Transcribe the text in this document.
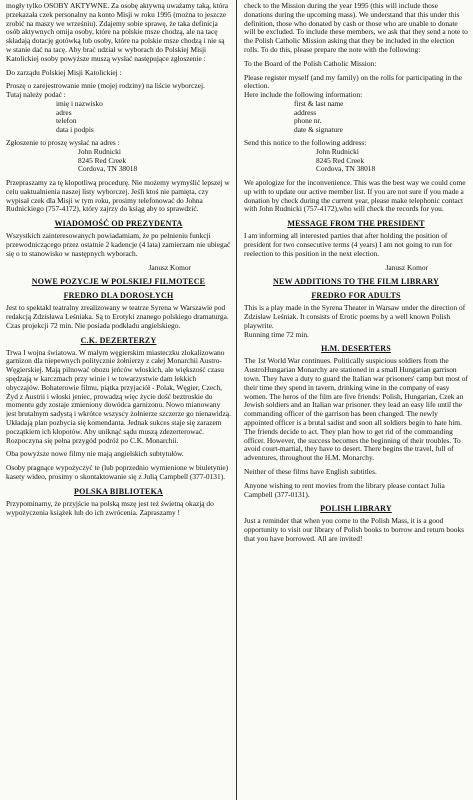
mogły tylko OSOBY AKTYWNE. Za osobę aktywną uważamy taką, która przekazała czek personalny na konto Misji w roku 1995 (można to jeszcze zrobić na maszy we wrześniu). Zdajemy sobie sprawę, że taka definicja osób aktywnych omija osoby, które na polskie msze chodzą, ale na tacę składają dotację gotówką lub osoby, które na polskie msze chodzą i nie są w stanie dać na tacę. Aby brać udział w wyborach do Polskiej Misji Katolickiej osoby powyższe muszą wysłać następujące zgłoszenie :

Do zarządu Polskiej Misji Katolickiej :

Proszę o zarejestrowanie mnie (mojej rodziny) na liście wyborczej.

Tutaj należy podać :

imię i nazwisko
adres
telefon
data i podpis

Zgłoszenie to proszę wysłać na adres :

John Rudnicki
8245 Red Creek
Cordova, TN 38018

Przepraszamy za tę kłopotliwą procedurę. Nie możemy wymyślić lepszej w celu uaktualnienia naszej listy wyborczej. Jeśli ktoś nie pamięta, czy wypisał czek dla Misji w tym roku, prosimy telefonować do Johna Rudnickiego (757-4172), który zajrzy do ksiąg aby to sprawdzić.

WIADOMOŚĆ OD PREZYDENTA

Wszystkich zainteresowanych powiadamiam, że po pełnieniu funkcji przewodniczącego przez ostatnie 2 kadencje (4 lata) zamierzam nie ubiegać się o to stanowisko w następnych wyborach.

Janusz Komor

NOWE POZYCJE W POLSKIEJ FILMOTECE
FREDRO DLA DOROSŁYCH

Jest to spektakl teatralny zrealizowany w teatrze Syrena w Warszawie pod redakcją Zdzisława Leśniaka. Są to Erotyki znanego polskiego dramaturga.

Czas projekcji 72 min. Nie posiada podkładu angielskiego.

C.K. DEZERTERZY

Trwa I wojna światowa. W małym węgierskim miasteczku zlokalizowano garnizon dla niepewnych politycznie żołnierzy z całej Monarchii Austro-Węgierskiej. Mają pilnować obozu jeńców włoskich, ale większość czasu spędzają w karczmach przy winie i w towarzystwie dam lekkich obyczajów. Bohaterowie filmu, piątka przyjaciół - Polak, Węgier, Czech, Żyd z Austrii i włoski jeniec, prowadzą więc życie dość beztroskie do momentu gdy zostaje zmieniony dowódca garnizonu. Nowo mianowany jest brutalnym sadystą i wkrótce wszyscy żołnierze szczerze go nienawidzą. Układają plan pozbycia się komendanta. Jednak sukces staje się zarazem początkiem ich kłopotów. Aby uniknąć sądu muszą zdezerterować. Rozpoczyna się pełna przygód podróż po C.K. Monarchii.

Oba powyższe nowe filmy nie mają angielskich subtytułów.

Osoby pragnące wypożyczyć te (lub poprzednio wymienione w biuletynie) kasety wideo, prosimy o skontaktowanie się z Julią Campbell (377-0131).

POLSKA BIBLIOTEKA

Przypominamy, że przyjście na polską mszę jest też świetną okazją do wypożyczenia książek lub do ich zwrócenia. Zapraszamy !

check to the Mission during the year 1995 (this will include those donations during the upcoming mass). We understand that this under this definition, those who donated by cash or those who are unable to donate will be excluded. To include these members, we ask that they send a note to the Polish Catholic Mission asking that they be included in the election rolls. To do this, please prepare the note with the following:

To the Board of the Polish Catholic Mission:

Please register myself (and my family) on the rolls for participating in the election.

Here include the following information:

first & last name
address
phone nr.
date & signature

Send this notice to the following address:

John Rudnicki
8245 Red Creek
Cordova, TN 38018

We apologize for the inconvenience. This was the best way we could come up with to update our active member list. If you are not sure if you made a donation by check during the current year, please make telephonic contact with John Rudnicki (757-4172),who will check the records for you.

MESSAGE FROM THE PRESIDENT

I am informing all interested parties that after holding the position of president for two consecutive terms (4 years) I am not going to run for reelection to this position in the next election.

Janusz Komor

NEW ADDITIONS TO THE FILM LIBRARY
FREDRO FOR ADULTS

This is a play made in the Syrena Theater in Warsaw under the direction of Zdzisław Leśniak. It consists of Erotic poems by a well known Polish playwrite.

Running time 72 min.

H.M. DESERTERS

The 1st World War continues. Politically suspicious soldiers from the AustroHungarian Monarchy are stationed in a small Hungarian garrison town. They have a duty to guard the Italian war prisoners' camp but most of their time they spend in tavern, drinking wine in the company of easy women. The heros of the film are five friends: Polish, Hungarian, Czek an Jewish soldiers and an Italian war prisoner. they lead an easy life until the commanding officer of the garrison has been changed. The newly appointed officer is a brutal sadist and soon all soldiers begin to hate him. The friends decide to act. They plan how to get rid of the commanding officer. However, the success becomes the beginning of their troubles. To avoid court-martial, they have to desert. There begins the travel, full of adventures, throughout the H.M. Monarchy.

Neither of these films have English subtitles.

Anyone wishing to rent movies from the library please contact Julia Campbell (377-0131).

POLISH LIBRARY

Just a reminder that when you come to the Polish Mass, it is a good opportunity to visit our library of Polish books to borrow and return books that you have borrowed. All are invited!
